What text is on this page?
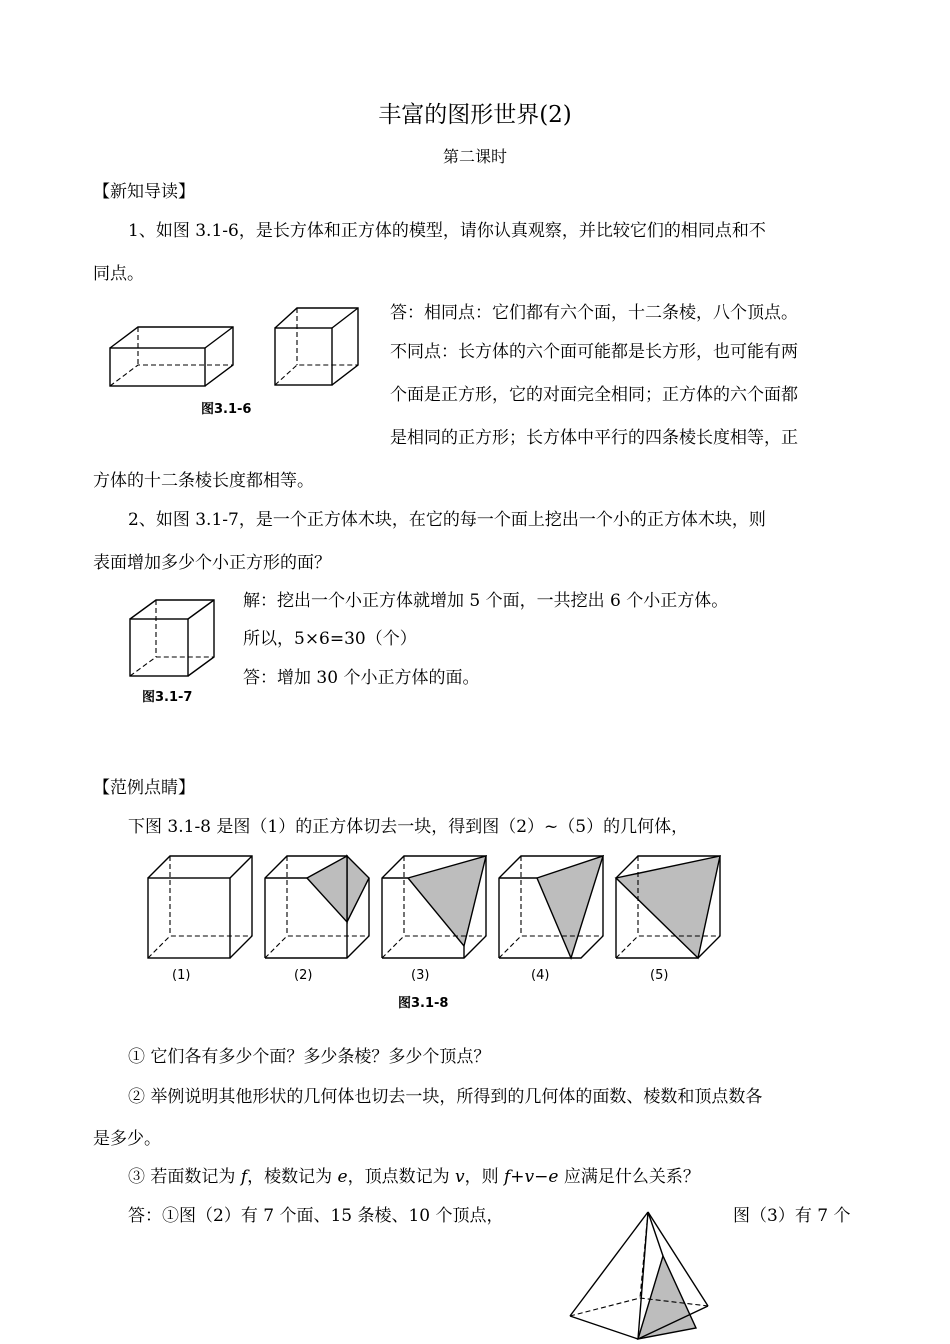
丰富的图形世界(2)
第二课时
【新知导读】
1、如图 3.1-6，是长方体和正方体的模型，请你认真观察，并比较它们的相同点和不
同点。
图3.1-6
答：相同点：它们都有六个面，十二条棱，八个顶点。
不同点：长方体的六个面可能都是长方形，也可能有两
个面是正方形，它的对面完全相同；正方体的六个面都
是相同的正方形；长方体中平行的四条棱长度相等，正
方体的十二条棱长度都相等。
2、如图 3.1-7，是一个正方体木块，在它的每一个面上挖出一个小的正方体木块，则
表面增加多少个小正方形的面？
图3.1-7
解：挖出一个小正方体就增加 5 个面，一共挖出 6 个小正方体。
所以，5×6=30（个）
答：增加 30 个小正方体的面。
【范例点睛】
下图 3.1-8 是图（1）的正方体切去一块，得到图（2）~（5）的几何体，
(1)	(2)	(3)	(4)	(5)
图3.1-8
① 它们各有多少个面？多少条棱？多少个顶点？
② 举例说明其他形状的几何体也切去一块，所得到的几何体的面数、棱数和顶点数各
是多少。
③ 若面数记为 f，棱数记为 e，顶点数记为 v，则 f+v−e 应满足什么关系？
答：①图（2）有 7 个面、15 条棱、10 个顶点，	图（3）有 7 个
